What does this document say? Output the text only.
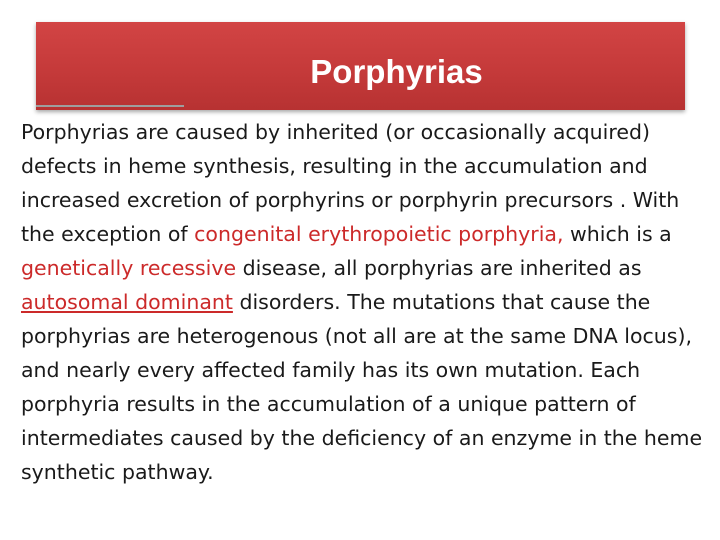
Porphyrias

Porphyrias are caused by inherited (or occasionally acquired) defects in heme synthesis, resulting in the accumulation and increased excretion of porphyrins or porphyrin precursors . With the exception of congenital erythropoietic porphyria, which is a genetically recessive disease, all porphyrias are inherited as autosomal dominant disorders. The mutations that cause the porphyrias are heterogenous (not all are at the same DNA locus), and nearly every affected family has its own mutation. Each porphyria results in the accumulation of a unique pattern of intermediates caused by the deficiency of an enzyme in the heme synthetic pathway.
